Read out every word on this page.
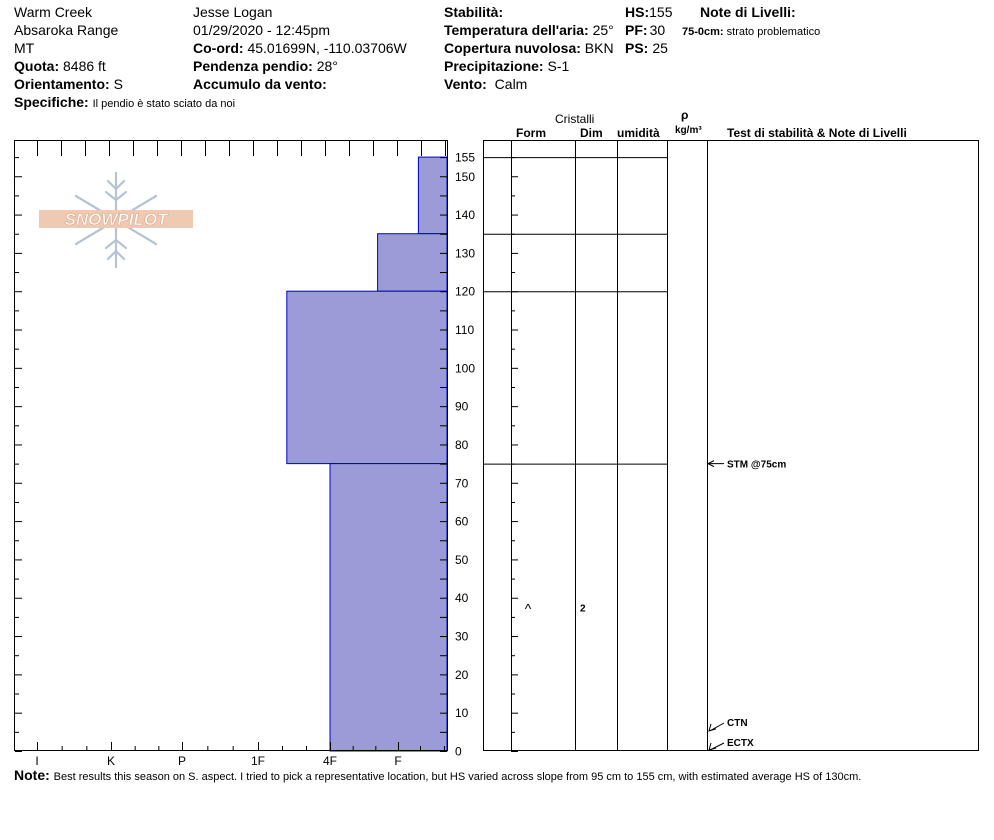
Warm Creek
Absaroka Range
MT
Quota: 8486 ft
Orientamento: S
Specifiche: Il pendio è stato sciato da noi
Jesse Logan
01/29/2020 - 12:45pm
Co-ord: 45.01699N, -110.03706W
Pendenza pendio: 28°
Accumulo da vento:
Stabilità:
Temperatura dell'aria: 25°
Copertura nuvolosa: BKN
Precipitazione: S-1
Vento: Calm
HS:155
PF: 30
PS: 25
Note di Livelli:
75-0cm: strato problematico
Cristalli
Form	Dim umidità
ρ
kg/m³ Test di stabilità & Note di Livelli
SNOWPILOT
0
10
20
30
40
50
60
70
80
90
100
110
120
130
140
150
155
I	K	P	1F	4F	F
^	2
STM @75cm
CTN
ECTX
Note: Best results this season on S. aspect. I tried to pick a representative location, but HS varied across slope from 95 cm to 155 cm, with estimated average HS of 130cm.
